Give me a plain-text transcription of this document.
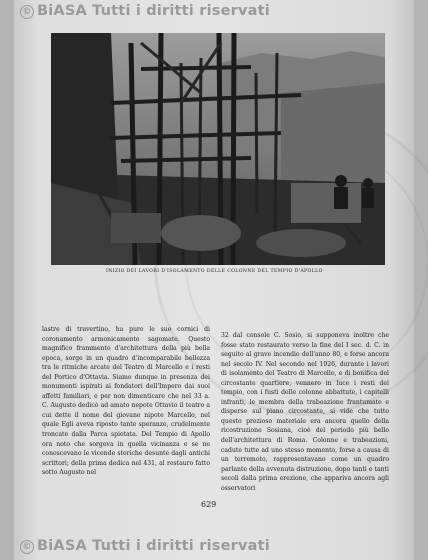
© BiASA Tutti i diritti riservati
INIZIO DEI LAVORI D'ISOLAMENTO DELLE COLONNE DEL TEMPIO D'APOLLO

lastre di travertino, ha pure le sue cornici di coronamento armonicamente sagomate. Questo magnifico frammento d'architettura della più bella epoca, sorge in un quadro d'incomparabile bellezza tra le ritmiche arcate del Teatro di Marcello e i resti del Portico d'Ottavia. Siamo dunque in presenza dei monumenti ispirati ai fondatori dell'Impero dai suoi affetti familiari, e per non dimenticare che nel 33 a. C. Augusto dedicò ad amato nepote Ottavio il teatro a cui dette il nome del giovane nipote Marcello, nel quale Egli aveva riposto tante speranze, crudelmente troncate dalla Parca spietata. Del Tempio di Apollo ora noto che sorgeva in quella vicinanza e se ne conoscevano le vicende storiche desunte dagli antichi scrittori; della prima dedica nel 431, al restauro fatto sotto Augusto nel

32 dal console C. Sosio, si supponeva inoltre che fosse stato restaurato verso la fine del I sec. d. C. in seguito al grave incendio dell'anno 80, e forse ancora nel secolo IV. Nel secondo nel 1926, durante i lavori di isolamento del Teatro di Marcello, e di bonifica del circostante quartiere, vennero in luce i resti del tempio, con i fusti delle colonne abbattute, i capitelli infranti, le membra della trabeazione frantumate e disperse sul piano circostante, si vide che tutto questo prezioso materiale era ancora quello della ricostruzione Sosiana, cioè del periodo più bello dell'architettura di Roma. Colonne e trabeazioni, cadute tutte ad uno stesso momento, forse a causa di un terremoto, rappresentavano come un quadro parlante della avvenuta distruzione, dopo tanti e tanti secoli dalla prima erezione, che appariva ancora agli osservatori

629
© BiASA Tutti i diritti riservati
